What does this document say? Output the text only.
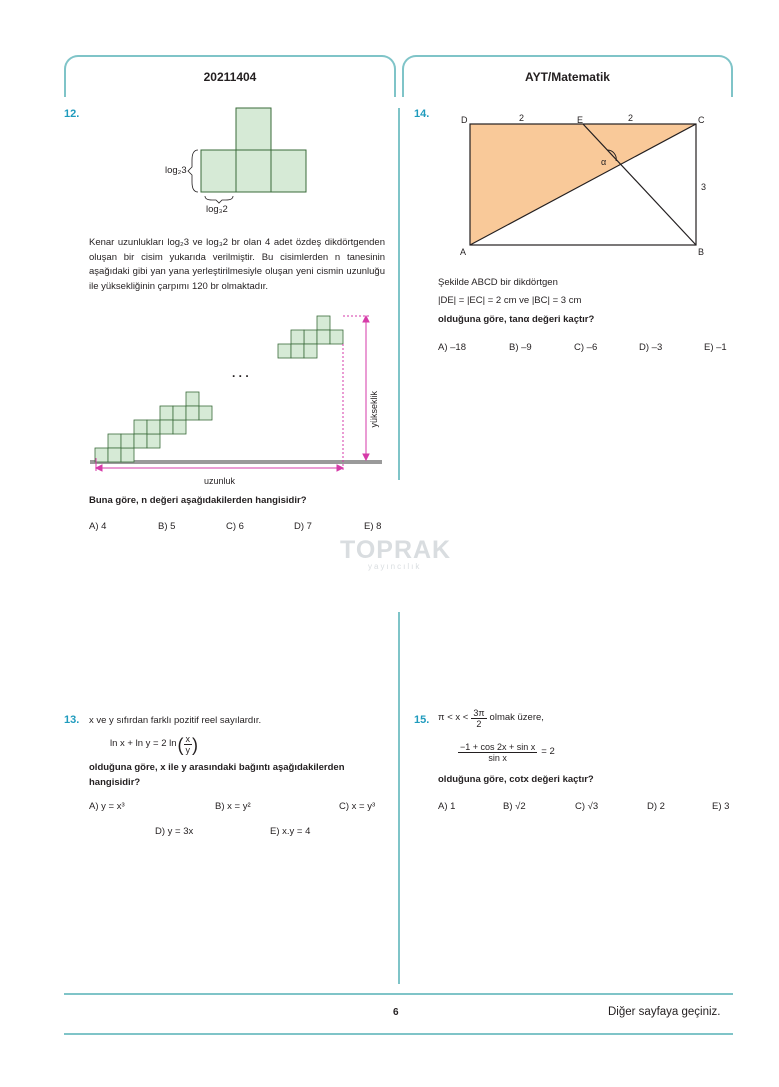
20211404	AYT/Matematik
TOPRAK
yayıncılık
12.
log₂3
log₃2
Kenar uzunlukları log₂3 ve log₃2 br olan 4 adet özdeş dikdörtgenden oluşan bir cisim yukarıda verilmiştir. Bu cisimlerden n tanesinin aşağıdaki gibi yan yana yerleştirilmesiyle oluşan yeni cismin uzunluğu ile yüksekliğinin çarpımı 120 br olmaktadır.
. . .
yükseklik
uzunluk
Buna göre, n değeri aşağıdakilerden hangisidir?
A) 4	B) 5	C) 6	D) 7	E) 8
14.	D	E	C
A	B
2	2
3
α
Şekilde ABCD bir dikdörtgen
|DE| = |EC| = 2 cm ve |BC| = 3 cm
olduğuna göre, tanα değeri kaçtır?
A) –18	B) –9	C) –6	D) –3	E) –1
13. x ve y sıfırdan farklı pozitif reel sayılardır.
ln x + ln y = 2 ln ( $\frac{x}{y}$ )
olduğuna göre, x ile y arasındaki bağıntı aşağıdakilerden hangisidir?
A) y = x³	B) x = y²	C) x = y³
D) y = 3x	E) x.y = 4
15. $\pi < x < \frac{3\pi}{2}$ olmak üzere,
$\frac{\text{−1 + cos 2x + sin x}}{\text{sin x}} = 2$
olduğuna göre, cotx değeri kaçtır?
A) 1	B) √2	C) √3	D) 2	E) 3
6	Diğer sayfaya geçiniz.
